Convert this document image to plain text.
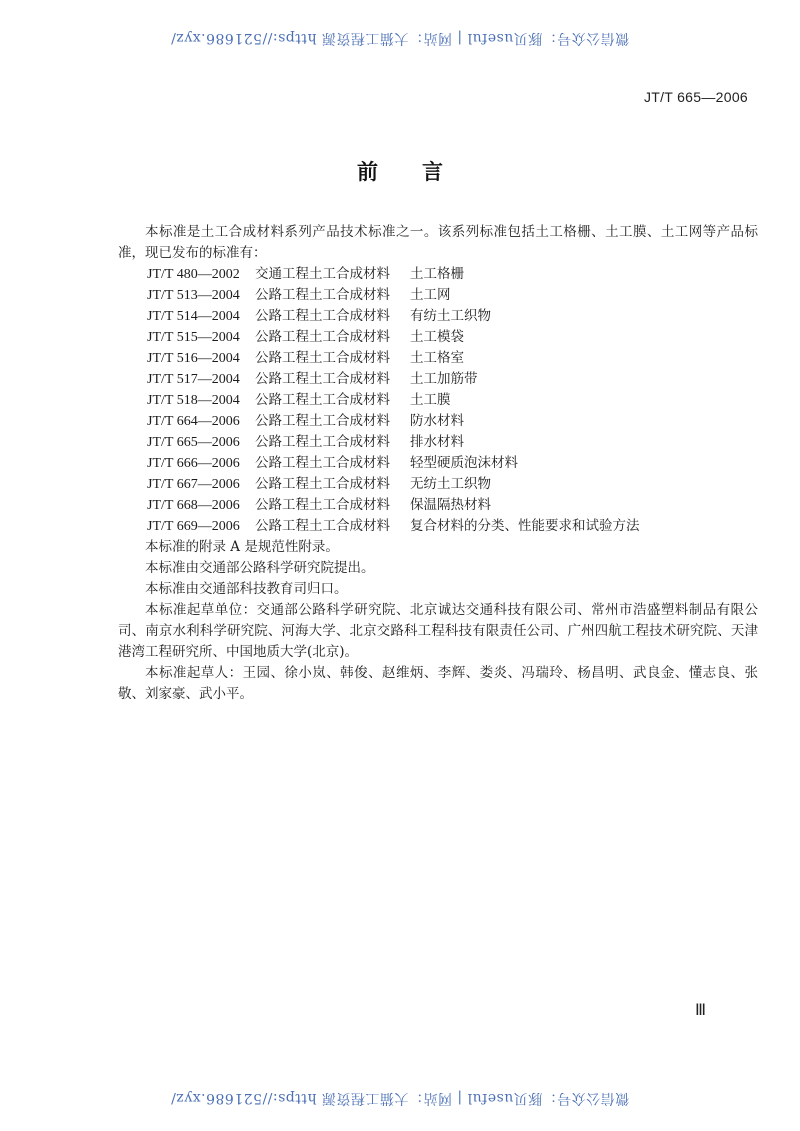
微信公众号：豚贝useful | 网站：大猫工程资源 https://521686.xyz/
JT/T 665—2006
前言

本标准是土工合成材料系列产品技术标准之一。该系列标准包括土工格栅、土工膜、土工网等产品标准，现已发布的标准有：

JT/T 480—2002	交通工程土工合成材料	土工格栅
JT/T 513—2004	公路工程土工合成材料	土工网
JT/T 514—2004	公路工程土工合成材料	有纺土工织物
JT/T 515—2004	公路工程土工合成材料	土工模袋
JT/T 516—2004	公路工程土工合成材料	土工格室
JT/T 517—2004	公路工程土工合成材料	土工加筋带
JT/T 518—2004	公路工程土工合成材料	土工膜
JT/T 664—2006	公路工程土工合成材料	防水材料
JT/T 665—2006	公路工程土工合成材料	排水材料
JT/T 666—2006	公路工程土工合成材料	轻型硬质泡沫材料
JT/T 667—2006	公路工程土工合成材料	无纺土工织物
JT/T 668—2006	公路工程土工合成材料	保温隔热材料
JT/T 669—2006	公路工程土工合成材料	复合材料的分类、性能要求和试验方法

本标准的附录 A 是规范性附录。

本标准由交通部公路科学研究院提出。

本标准由交通部科技教育司归口。

本标准起草单位：交通部公路科学研究院、北京诚达交通科技有限公司、常州市浩盛塑料制品有限公司、南京水利科学研究院、河海大学、北京交路科工程科技有限责任公司、广州四航工程技术研究院、天津港湾工程研究所、中国地质大学(北京)。

本标准起草人：王园、徐小岚、韩俊、赵维炳、李辉、娄炎、冯瑞玲、杨昌明、武良金、懂志良、张敬、刘家豪、武小平。

Ⅲ
微信公众号：豚贝useful | 网站：大猫工程资源 https://521686.xyz/
